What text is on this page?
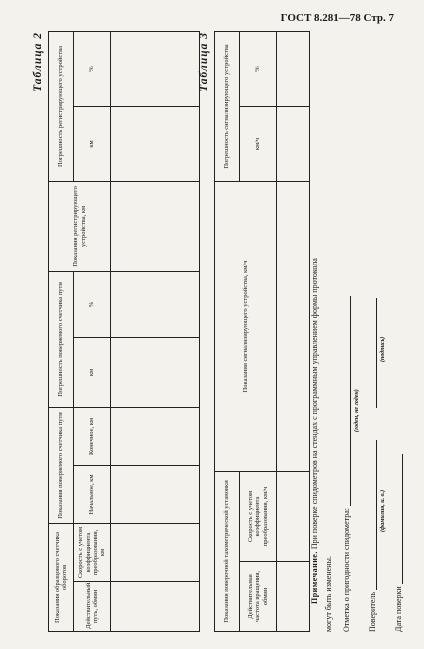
ГОСТ 8.281—78 Стр. 7
Таблица 2
Показания образцового счетчика оборотов		Показания поверяемого счетчика пути		Погрешность поверяемого счетчика пути		Показания регистрирующего устройства, км	Погрешность регистрирующего устройства	
Действительный путь, обмин	Скорость с учетом коэффициента преобразования, км	Начальное, км	Конечное, км	км	%		км	%
									Таблица 3
Показания поверочной тахометрической установки		Показания сигнализирующего устройства, км/ч	Погрешность сигнализирующего устройства	
Действительная частота вращения, обмин	Скорость с учетом коэффициента преобразования, км/ч		км/ч	%

Примечание. При поверке спидометров на стендах с программным управлением формы протокола
могут быть изменены. Отметка о пригодности спидометра:
(годен, не годен)
Поверитель
(фамилия, и. о.)
(подпись)
Дата поверки
